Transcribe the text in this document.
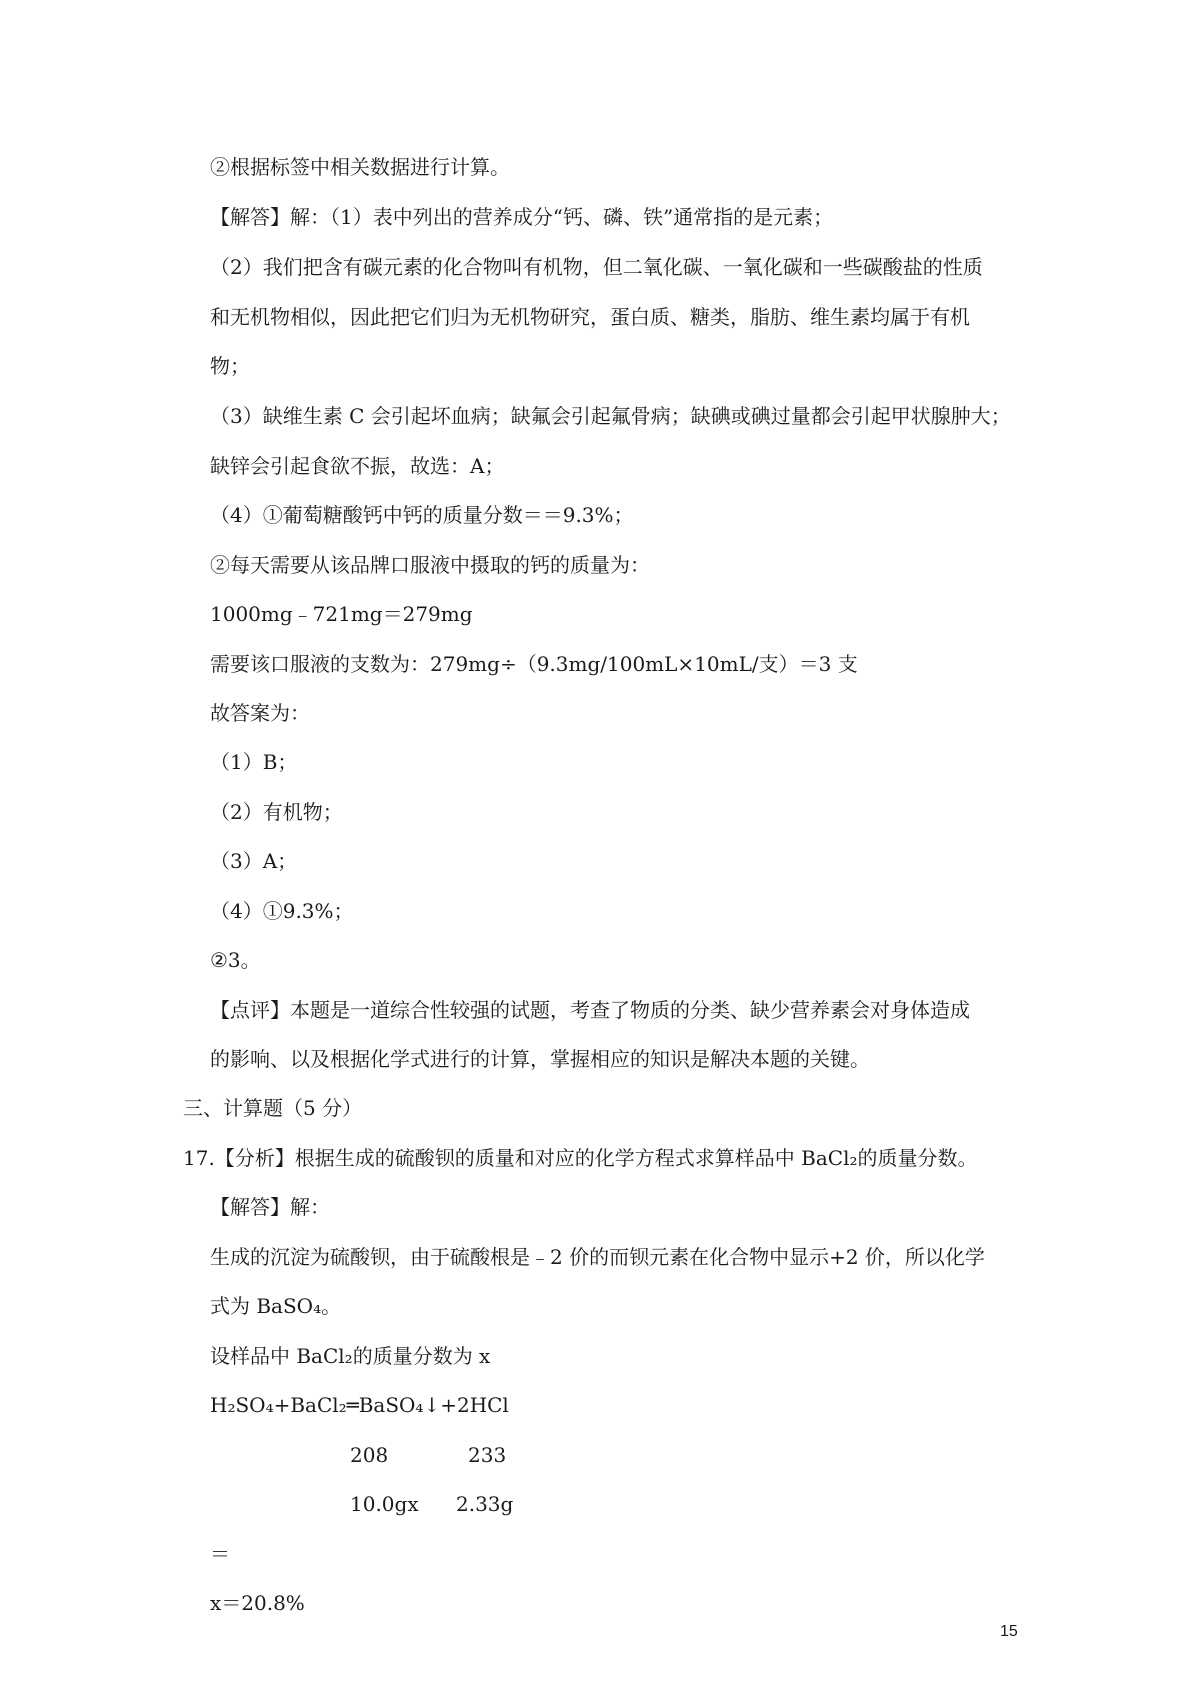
②根据标签中相关数据进行计算。
【解答】解：（1）表中列出的营养成分“钙、磷、铁”通常指的是元素；
（2）我们把含有碳元素的化合物叫有机物，但二氧化碳、一氧化碳和一些碳酸盐的性质
和无机物相似，因此把它们归为无机物研究，蛋白质、糖类，脂肪、维生素均属于有机
物；
（3）缺维生素 C 会引起坏血病；缺氟会引起氟骨病；缺碘或碘过量都会引起甲状腺肿大；
缺锌会引起食欲不振，故选：A；
（4）①葡萄糖酸钙中钙的质量分数＝＝9.3%；
②每天需要从该品牌口服液中摄取的钙的质量为：
1000mg﹣721mg＝279mg
需要该口服液的支数为：279mg÷（9.3mg/100mL×10mL/支）＝3 支
故答案为：
（1）B；
（2）有机物；
（3）A；
（4）①9.3%；
②3。
【点评】本题是一道综合性较强的试题，考查了物质的分类、缺少营养素会对身体造成
的影响、以及根据化学式进行的计算，掌握相应的知识是解决本题的关键。
三、计算题（5 分）
17.【分析】根据生成的硫酸钡的质量和对应的化学方程式求算样品中 BaCl₂的质量分数。
【解答】解：
生成的沉淀为硫酸钡，由于硫酸根是﹣2 价的而钡元素在化合物中显示+2 价，所以化学
式为 BaSO₄。
设样品中 BaCl₂的质量分数为 x
H₂SO₄+BaCl₂═BaSO₄↓+2HCl
208	233
10.0gx 2.33g
＝
x＝20.8%
15
